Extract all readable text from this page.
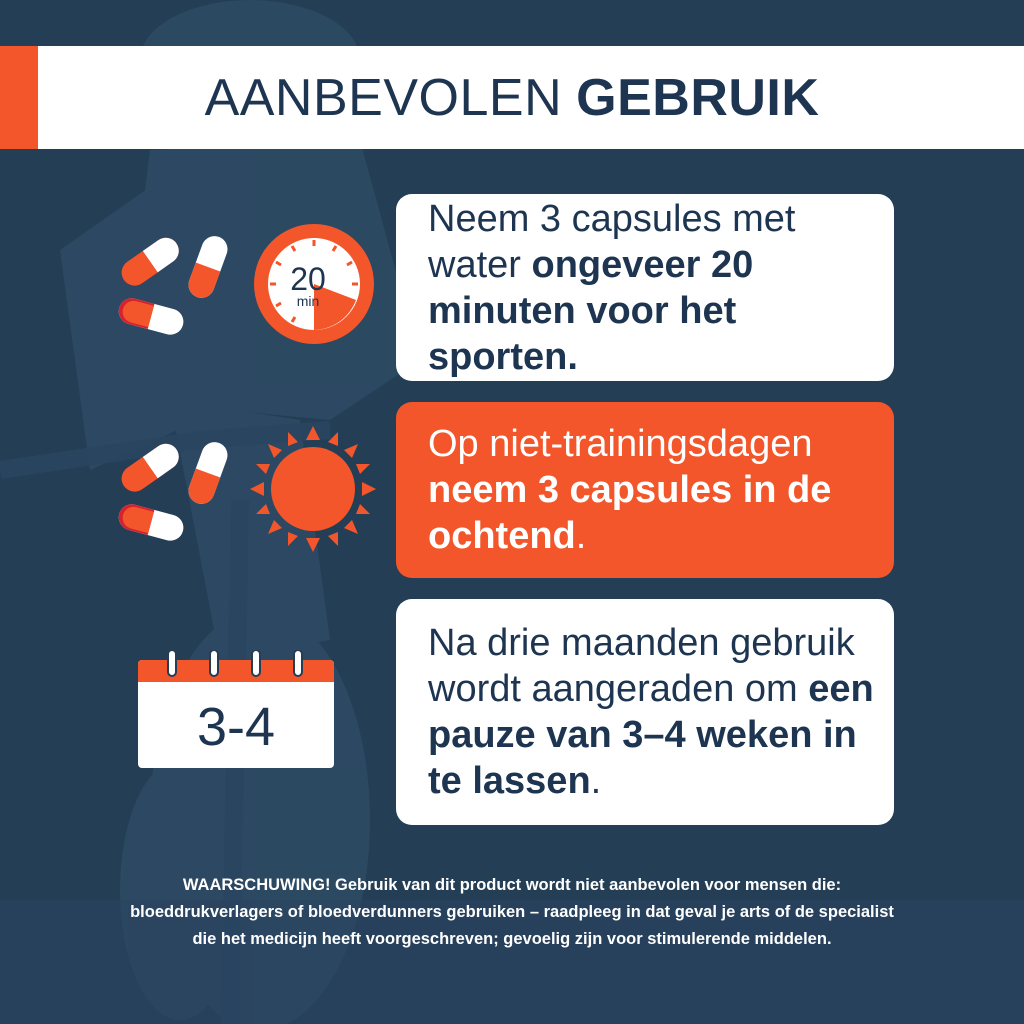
AANBEVOLEN GEBRUIK
20
min
3-4
Neem 3 capsules met water ongeveer 20 minuten voor het sporten.
Op niet-trainingsdagen neem 3 capsules in de ochtend.
Na drie maanden gebruik wordt aangeraden om een pauze van 3–4 weken in te lassen.
WAARSCHUWING! Gebruik van dit product wordt niet aanbevolen voor mensen die:
bloeddrukverlagers of bloedverdunners gebruiken – raadpleeg in dat geval je arts of de specialist
die het medicijn heeft voorgeschreven; gevoelig zijn voor stimulerende middelen.
